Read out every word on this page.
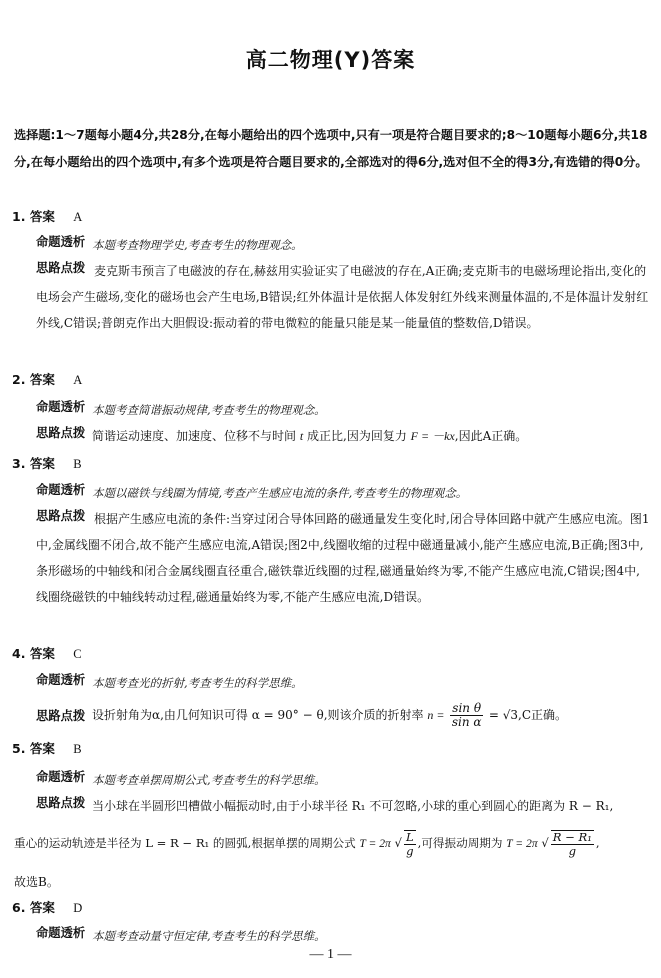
高二物理(Y)答案
选择题:1～7题每小题4分,共28分,在每小题给出的四个选项中,只有一项是符合题目要求的;8～10题每小题6分,共18分,在每小题给出的四个选项中,有多个选项是符合题目要求的,全部选对的得6分,选对但不全的得3分,有选错的得0分。
1. 答案 A
命题透析 本题考查物理学史,考查考生的物理观念。
思路点拨 麦克斯韦预言了电磁波的存在,赫兹用实验证实了电磁波的存在,A正确;麦克斯韦的电磁场理论指出,变化的电场会产生磁场,变化的磁场也会产生电场,B错误;红外体温计是依据人体发射红外线来测量体温的,不是体温计发射红外线,C错误;普朗克作出大胆假设:振动着的带电微粒的能量只能是某一能量值的整数倍,D错误。
2. 答案 A
命题透析 本题考查简谐振动规律,考查考生的物理观念。
思路点拨 简谐运动速度、加速度、位移不与时间 t 成正比,因为回复力 F = －kx,因此A正确。
3. 答案 B
命题透析 本题以磁铁与线圈为情境,考查产生感应电流的条件,考查考生的物理观念。
思路点拨 根据产生感应电流的条件:当穿过闭合导体回路的磁通量发生变化时,闭合导体回路中就产生感应电流。图1中,金属线圈不闭合,故不能产生感应电流,A错误;图2中,线圈收缩的过程中磁通量减小,能产生感应电流,B正确;图3中,条形磁场的中轴线和闭合金属线圈直径重合,磁铁靠近线圈的过程,磁通量始终为零,不能产生感应电流,C错误;图4中,线圈绕磁铁的中轴线转动过程,磁通量始终为零,不能产生感应电流,D错误。
4. 答案 C
命题透析 本题考查光的折射,考查考生的科学思维。
思路点拨 设折射角为α,由几何知识可得 α = 90° − θ,则该介质的折射率 $n = \frac{\text{sin θ}}{\text{sin α}} = √3,C$正确。
5. 答案 B
命题透析 本题考查单摆周期公式,考查考生的科学思维。
思路点拨 当小球在半圆形凹槽做小幅振动时,由于小球半径 R₁ 不可忽略,小球的重心到圆心的距离为 R − R₁,
重心的运动轨迹是半径为 L = R − R₁ 的圆弧,根据单摆的周期公式 T = 2π √ $\frac{L}{g}$ ,可得振动周期为 T = 2π √ $\frac{\text{R − R₁}}{g}$ ,
故选B。
6. 答案 D
命题透析 本题考查动量守恒定律,考查考生的科学思维。
— 1 —
